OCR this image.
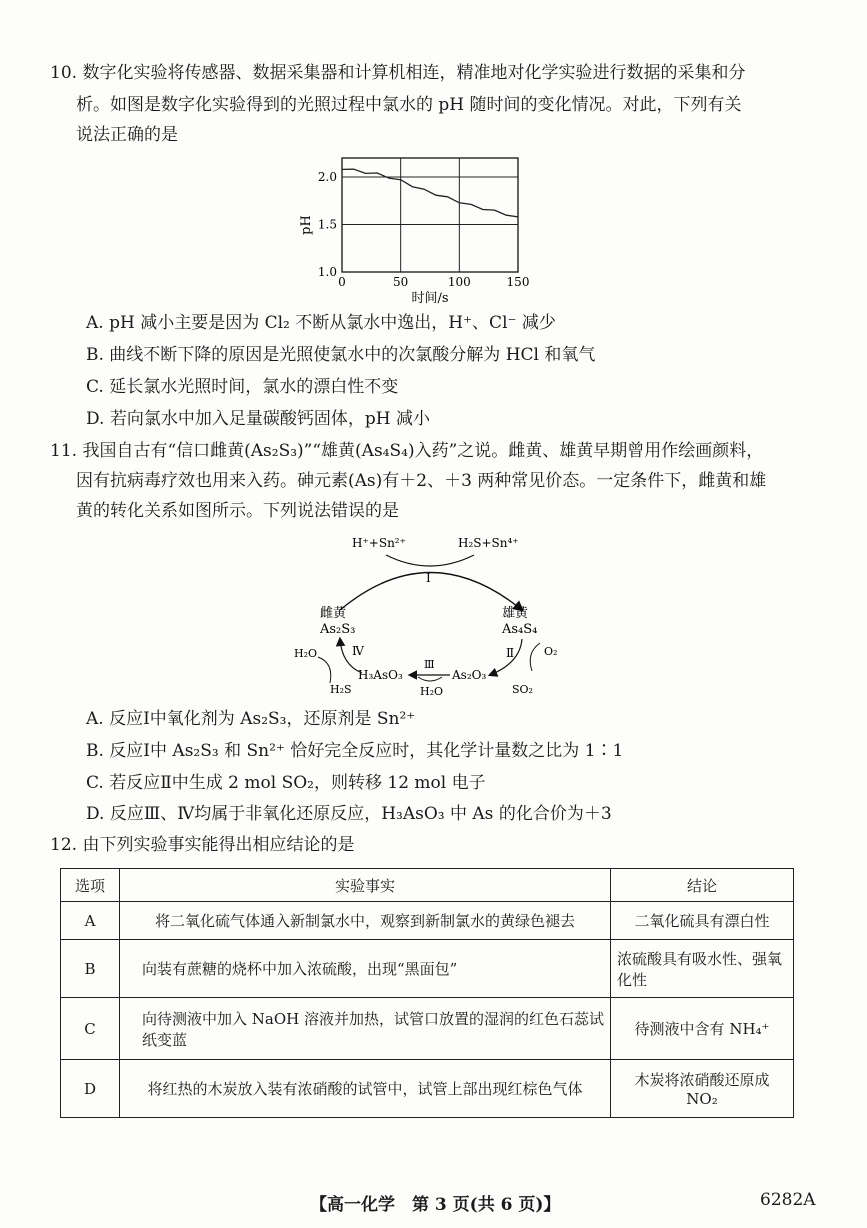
10. 数字化实验将传感器、数据采集器和计算机相连，精准地对化学实验进行数据的采集和分
析。如图是数字化实验得到的光照过程中氯水的 pH 随时间的变化情况。对此，下列有关
说法正确的是
0	50	100	150
1.0
1.5
2.0
时间/s
pH
A. pH 减小主要是因为 Cl₂ 不断从氯水中逸出，H⁺、Cl⁻ 减少
B. 曲线不断下降的原因是光照使氯水中的次氯酸分解为 HCl 和氧气
C. 延长氯水光照时间，氯水的漂白性不变
D. 若向氯水中加入足量碳酸钙固体，pH 减小
11. 我国自古有“信口雌黄(As₂S₃)”“雄黄(As₄S₄)入药”之说。雌黄、雄黄早期曾用作绘画颜料，
因有抗病毒疗效也用来入药。砷元素(As)有＋2、＋3 两种常见价态。一定条件下，雌黄和雄
黄的转化关系如图所示。下列说法错误的是
H⁺+Sn²⁺	H₂S+Sn⁴⁺
Ⅰ
雌黄
As₂S₃
雄黄
As₄S₄
Ⅱ	O₂
SO₂
As₂O₃
Ⅲ
H₂O
H₃AsO₃
Ⅳ
H₂O
H₂S
A. 反应Ⅰ中氧化剂为 As₂S₃，还原剂是 Sn²⁺
B. 反应Ⅰ中 As₂S₃ 和 Sn²⁺ 恰好完全反应时，其化学计量数之比为 1∶1
C. 若反应Ⅱ中生成 2 mol SO₂，则转移 12 mol 电子
D. 反应Ⅲ、Ⅳ均属于非氧化还原反应，H₃AsO₃ 中 As 的化合价为＋3
12. 由下列实验事实能得出相应结论的是
选项	实验事实	结论
A	将二氧化硫气体通入新制氯水中，观察到新制氯水的黄绿色褪去	二氧化硫具有漂白性
B	向装有蔗糖的烧杯中加入浓硫酸，出现“黑面包”	浓硫酸具有吸水性、强氧化性
C	向待测液中加入 NaOH 溶液并加热，试管口放置的湿润的红色石蕊试纸变蓝	待测液中含有 NH₄⁺
D	将红热的木炭放入装有浓硝酸的试管中，试管上部出现红棕色气体	木炭将浓硝酸还原成 NO₂
【高一化学　第 3 页(共 6 页)】	6282A
